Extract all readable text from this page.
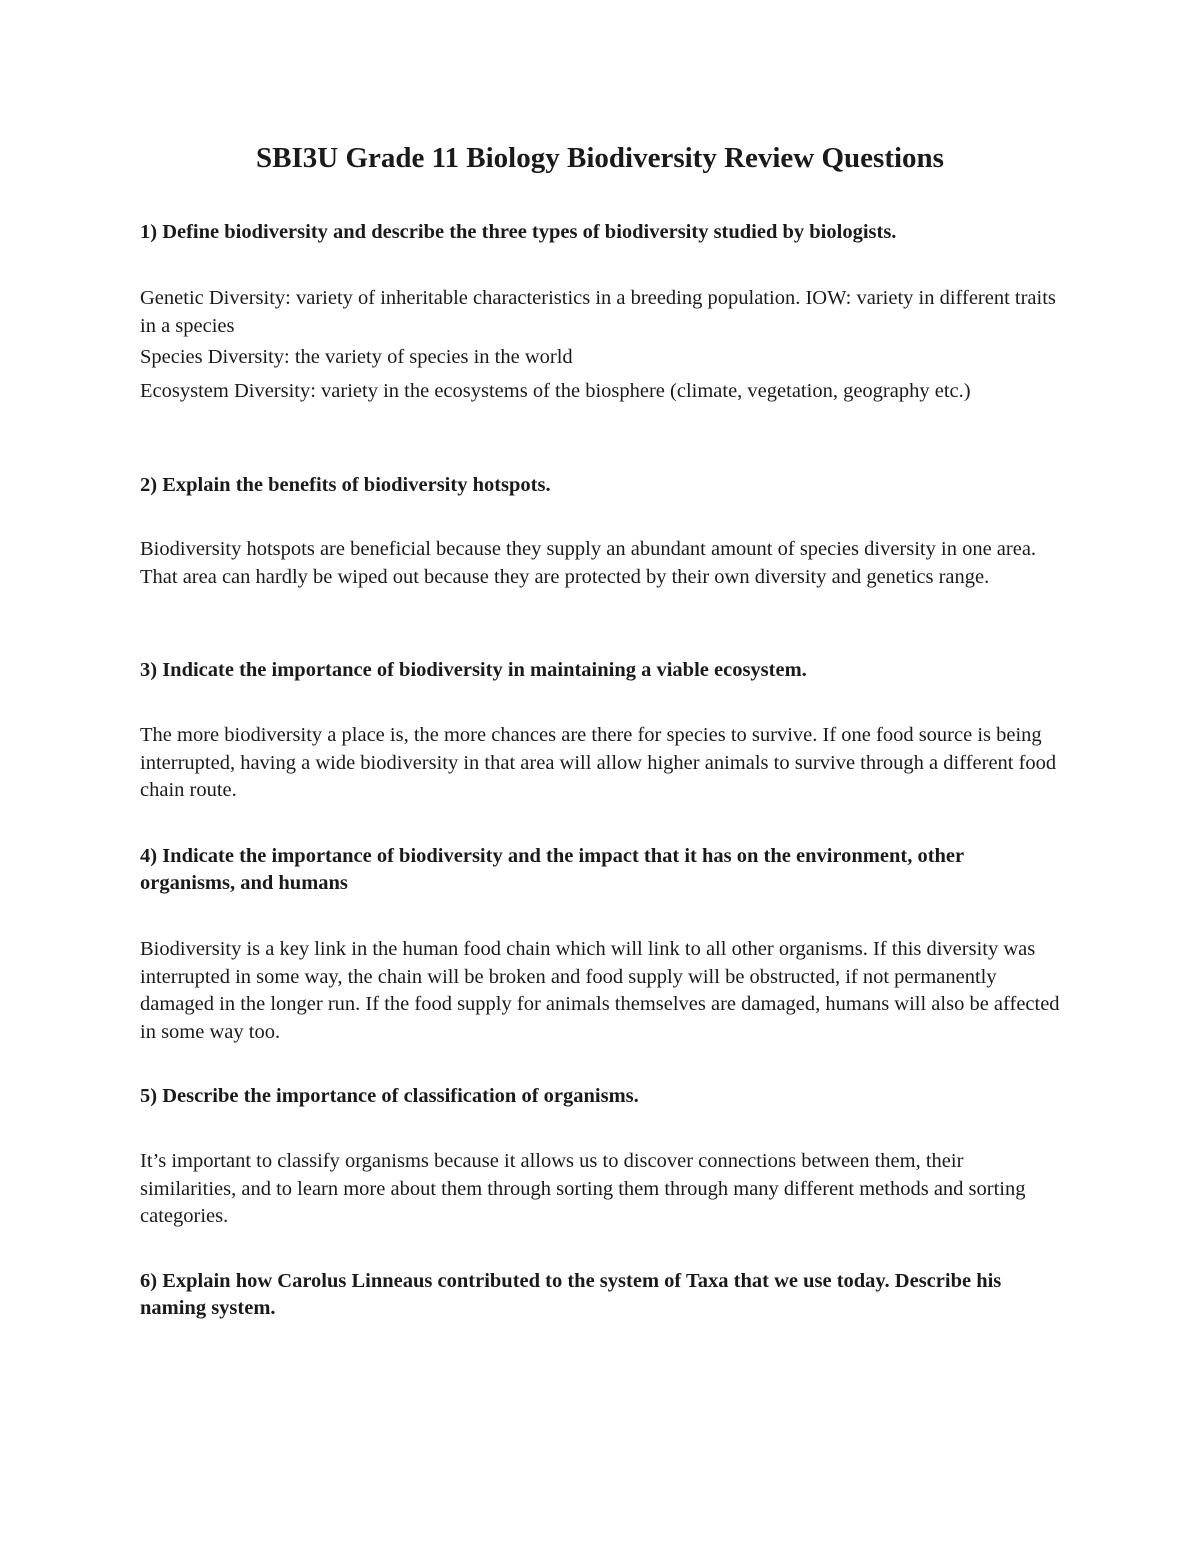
SBI3U Grade 11 Biology Biodiversity Review Questions

1) Define biodiversity and describe the three types of biodiversity studied by biologists.

Genetic Diversity: variety of inheritable characteristics in a breeding population. IOW: variety in different traits in a species

Species Diversity: the variety of species in the world

Ecosystem Diversity: variety in the ecosystems of the biosphere (climate, vegetation, geography etc.)

2) Explain the benefits of biodiversity hotspots.

Biodiversity hotspots are beneficial because they supply an abundant amount of species diversity in one area. That area can hardly be wiped out because they are protected by their own diversity and genetics range.

3) Indicate the importance of biodiversity in maintaining a viable ecosystem.

The more biodiversity a place is, the more chances are there for species to survive. If one food source is being interrupted, having a wide biodiversity in that area will allow higher animals to survive through a different food chain route.

4) Indicate the importance of biodiversity and the impact that it has on the environment, other organisms, and humans

Biodiversity is a key link in the human food chain which will link to all other organisms. If this diversity was interrupted in some way, the chain will be broken and food supply will be obstructed, if not permanently damaged in the longer run. If the food supply for animals themselves are damaged, humans will also be affected in some way too.

5) Describe the importance of classification of organisms.

It’s important to classify organisms because it allows us to discover connections between them, their similarities, and to learn more about them through sorting them through many different methods and sorting categories.

6) Explain how Carolus Linneaus contributed to the system of Taxa that we use today. Describe his naming system.
